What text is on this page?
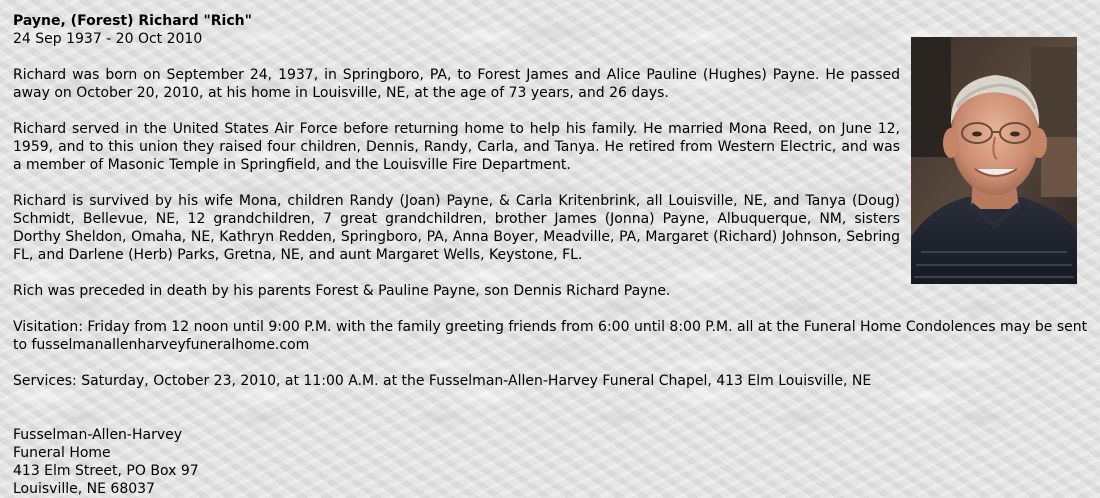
Payne, (Forest) Richard "Rich"

24 Sep 1937 - 20 Oct 2010

Richard was born on September 24, 1937, in Springboro, PA, to Forest James and Alice Pauline (Hughes) Payne. He passed away on October 20, 2010, at his home in Louisville, NE, at the age of 73 years, and 26 days.

Richard served in the United States Air Force before returning home to help his family. He married Mona Reed, on June 12, 1959, and to this union they raised four children, Dennis, Randy, Carla, and Tanya. He retired from Western Electric, and was a member of Masonic Temple in Springfield, and the Louisville Fire Department.

Richard is survived by his wife Mona, children Randy (Joan) Payne, & Carla Kritenbrink, all Louisville, NE, and Tanya (Doug) Schmidt, Bellevue, NE, 12 grandchildren, 7 great grandchildren, brother James (Jonna) Payne, Albuquerque, NM, sisters Dorthy Sheldon, Omaha, NE, Kathryn Redden, Springboro, PA, Anna Boyer, Meadville, PA, Margaret (Richard) Johnson, Sebring FL, and Darlene (Herb) Parks, Gretna, NE, and aunt Margaret Wells, Keystone, FL.

Rich was preceded in death by his parents Forest & Pauline Payne, son Dennis Richard Payne.

Visitation: Friday from 12 noon until 9:00 P.M. with the family greeting friends from 6:00 until 8:00 P.M. all at the Funeral Home Condolences may be sent to fusselmanallenharveyfuneralhome.com

Services: Saturday, October 23, 2010, at 11:00 A.M. at the Fusselman-Allen-Harvey Funeral Chapel, 413 Elm Louisville, NE

Fusselman-Allen-Harvey

Funeral Home

413 Elm Street, PO Box 97

Louisville, NE 68037
